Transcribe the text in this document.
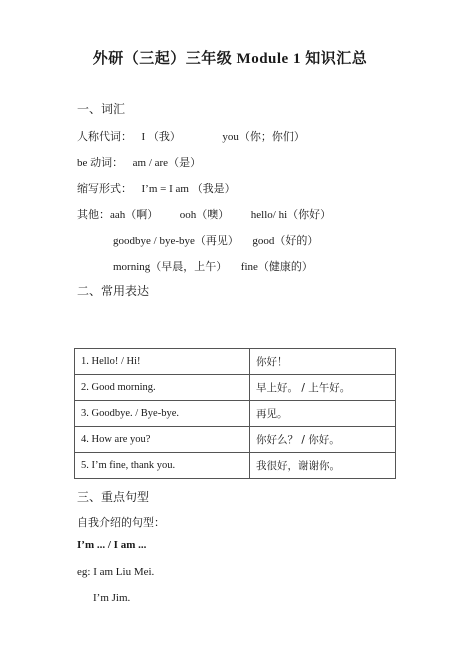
外研（三起）三年级 Module 1 知识汇总
一、词汇
人称代词： I （我）	you（你；你们）
be 动词： am / are（是）
缩写形式： I’m = I am （我是）
其他：aah（啊） ooh（噢） hello/ hi（你好）
goodbye / bye-bye（再见） good（好的）
morning（早晨，上午） fine（健康的）
二、常用表达
1. Hello! / Hi!	你好！
2. Good morning.	早上好。 / 上午好。
3. Goodbye. / Bye-bye.	再见。
4. How are you?	你好么？ / 你好。
5. I’m fine, thank you.	我很好，谢谢你。
三、重点句型
自我介绍的句型：
I’m ... / I am ...
eg: I am Liu Mei.
I’m Jim.
